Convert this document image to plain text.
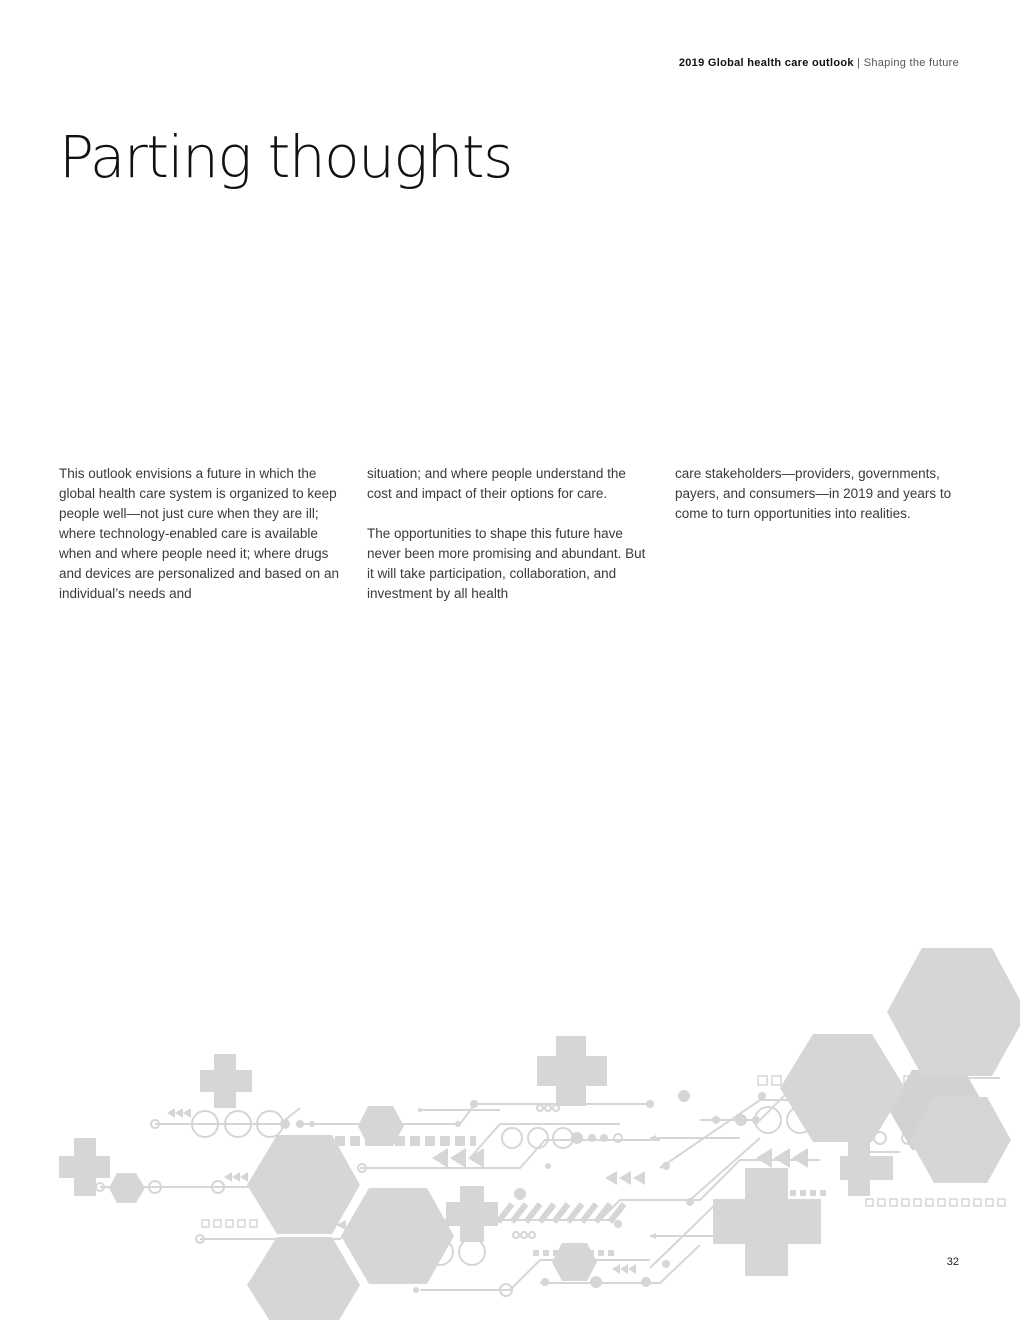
2019 Global health care outlook | Shaping the future
Parting thoughts

This outlook envisions a future in which the global health care system is organized to keep people well—not just cure when they are ill; where technology-enabled care is available when and where people need it; where drugs and devices are personalized and based on an individual’s needs and

situation; and where people understand the cost and impact of their options for care.

The opportunities to shape this future have never been more promising and abundant. But it will take participation, collaboration, and investment by all health

care stakeholders—providers, governments, payers, and consumers—in 2019 and years to come to turn opportunities into realities.

32
